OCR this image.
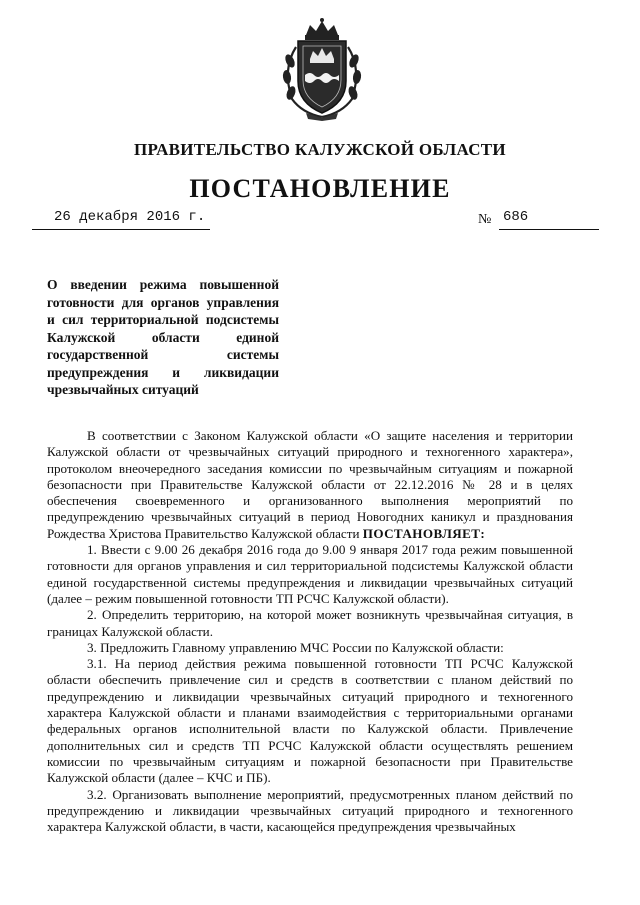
ПРАВИТЕЛЬСТВО КАЛУЖСКОЙ ОБЛАСТИ
ПОСТАНОВЛЕНИЕ
26 декабря 2016 г.	№ 686
О введении режима повышенной
готовности для органов управления
и сил территориальной подсистемы
Калужской области единой
государственной системы
предупреждения и ликвидации
чрезвычайных ситуаций

В соответствии с Законом Калужской области «О защите населения и территории Калужской области от чрезвычайных ситуаций природного и техногенного характера», протоколом внеочередного заседания комиссии по чрезвычайным ситуациям и пожарной безопасности при Правительстве Калужской области от 22.12.2016 № 28 и в целях обеспечения своевременного и организованного выполнения мероприятий по предупреждению чрезвычайных ситуаций в период Новогодних каникул и празднования Рождества Христова Правительство Калужской области ПОСТАНОВЛЯЕТ:

1. Ввести с 9.00 26 декабря 2016 года до 9.00 9 января 2017 года режим повышенной готовности для органов управления и сил территориальной подсистемы Калужской области единой государственной системы предупреждения и ликвидации чрезвычайных ситуаций (далее – режим повышенной готовности ТП РСЧС Калужской области).

2. Определить территорию, на которой может возникнуть чрезвычайная ситуация, в границах Калужской области.

3. Предложить Главному управлению МЧС России по Калужской области:

3.1. На период действия режима повышенной готовности ТП РСЧС Калужской области обеспечить привлечение сил и средств в соответствии с планом действий по предупреждению и ликвидации чрезвычайных ситуаций природного и техногенного характера Калужской области и планами взаимодействия с территориальными органами федеральных органов исполнительной власти по Калужской области. Привлечение дополнительных сил и средств ТП РСЧС Калужской области осуществлять решением комиссии по чрезвычайным ситуациям и пожарной безопасности при Правительстве Калужской области (далее – КЧС и ПБ).

3.2. Организовать выполнение мероприятий, предусмотренных планом действий по предупреждению и ликвидации чрезвычайных ситуаций природного и техногенного характера Калужской области, в части, касающейся предупреждения чрезвычайных
